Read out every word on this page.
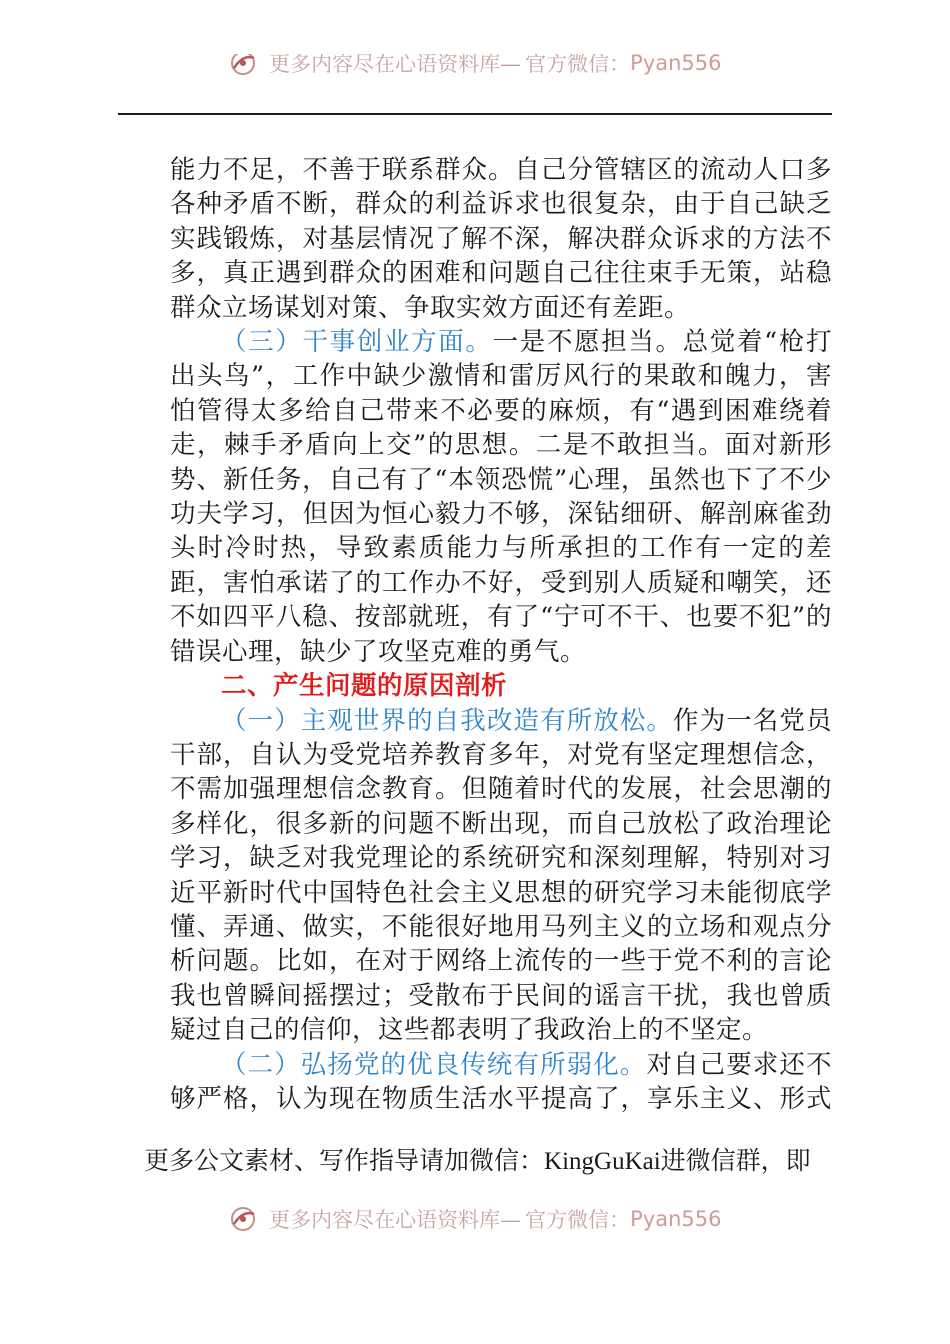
更多内容尽在心语资料库— 官方微信：Pyan556

能力不足，不善于联系群众。自己分管辖区的流动人口多各种矛盾不断，群众的利益诉求也很复杂，由于自己缺乏实践锻炼，对基层情况了解不深，解决群众诉求的方法不多，真正遇到群众的困难和问题自己往往束手无策，站稳群众立场谋划对策、争取实效方面还有差距。

（三）干事创业方面。一是不愿担当。总觉着“枪打出头鸟”，工作中缺少激情和雷厉风行的果敢和魄力，害怕管得太多给自己带来不必要的麻烦，有“遇到困难绕着走，棘手矛盾向上交”的思想。二是不敢担当。面对新形势、新任务，自己有了“本领恐慌”心理，虽然也下了不少功夫学习，但因为恒心毅力不够，深钻细研、解剖麻雀劲头时冷时热，导致素质能力与所承担的工作有一定的差距，害怕承诺了的工作办不好，受到别人质疑和嘲笑，还不如四平八稳、按部就班，有了“宁可不干、也要不犯”的错误心理，缺少了攻坚克难的勇气。

二、产生问题的原因剖析

（一）主观世界的自我改造有所放松。作为一名党员干部，自认为受党培养教育多年，对党有坚定理想信念，不需加强理想信念教育。但随着时代的发展，社会思潮的多样化，很多新的问题不断出现，而自己放松了政治理论学习，缺乏对我党理论的系统研究和深刻理解，特别对习近平新时代中国特色社会主义思想的研究学习未能彻底学懂、弄通、做实，不能很好地用马列主义的立场和观点分析问题。比如，在对于网络上流传的一些于党不利的言论我也曾瞬间摇摆过；受散布于民间的谣言干扰，我也曾质疑过自己的信仰，这些都表明了我政治上的不坚定。

（二）弘扬党的优良传统有所弱化。对自己要求还不够严格，认为现在物质生活水平提高了，享乐主义、形式

更多公文素材、写作指导请加微信：KingGuKai进微信群，即
更多内容尽在心语资料库— 官方微信：Pyan556
